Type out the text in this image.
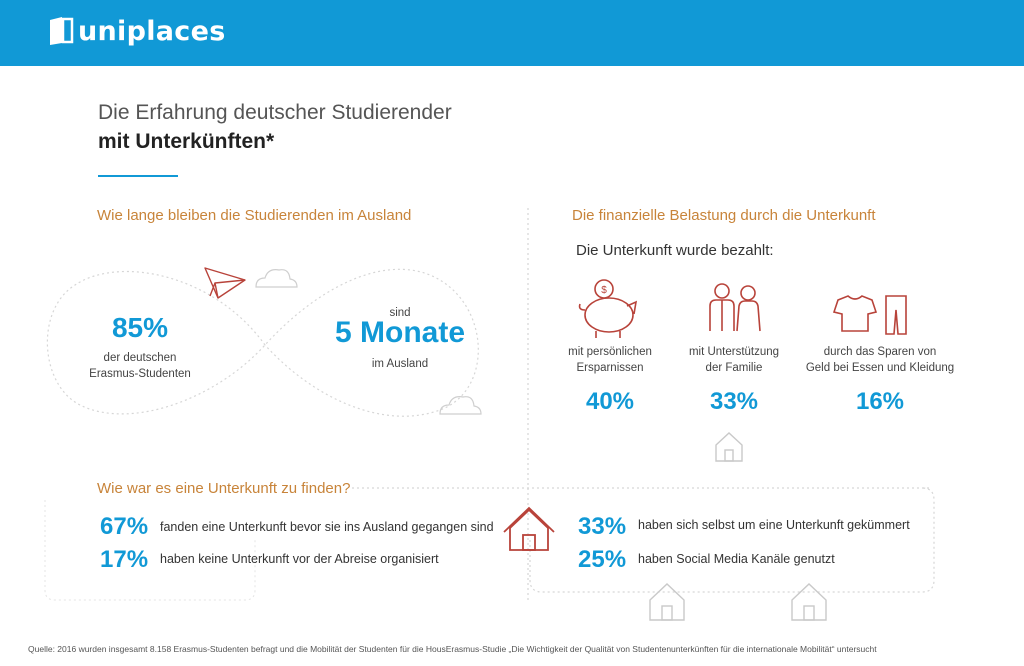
uniplaces
$
Die Erfahrung deutscher Studierender
mit Unterkünften*
Wie lange bleiben die Studierenden im Ausland
85%
der deutschen
Erasmus-Studenten
sind
5 Monate
im Ausland
Die finanzielle Belastung durch die Unterkunft
Die Unterkunft wurde bezahlt:
mit persönlichen
Ersparnissen
40%
mit Unterstützung
der Familie
33%
durch das Sparen von
Geld bei Essen und Kleidung
16%
Wie war es eine Unterkunft zu finden?
67% fanden eine Unterkunft bevor sie ins Ausland gegangen sind
17% haben keine Unterkunft vor der Abreise organisiert
33% haben sich selbst um eine Unterkunft gekümmert
25% haben Social Media Kanäle genutzt
Quelle: 2016 wurden insgesamt 8.158 Erasmus-Studenten befragt und die Mobilität der Studenten für die HousErasmus-Studie „Die Wichtigkeit der Qualität von Studentenunterkünften für die internationale Mobilität“ untersucht
